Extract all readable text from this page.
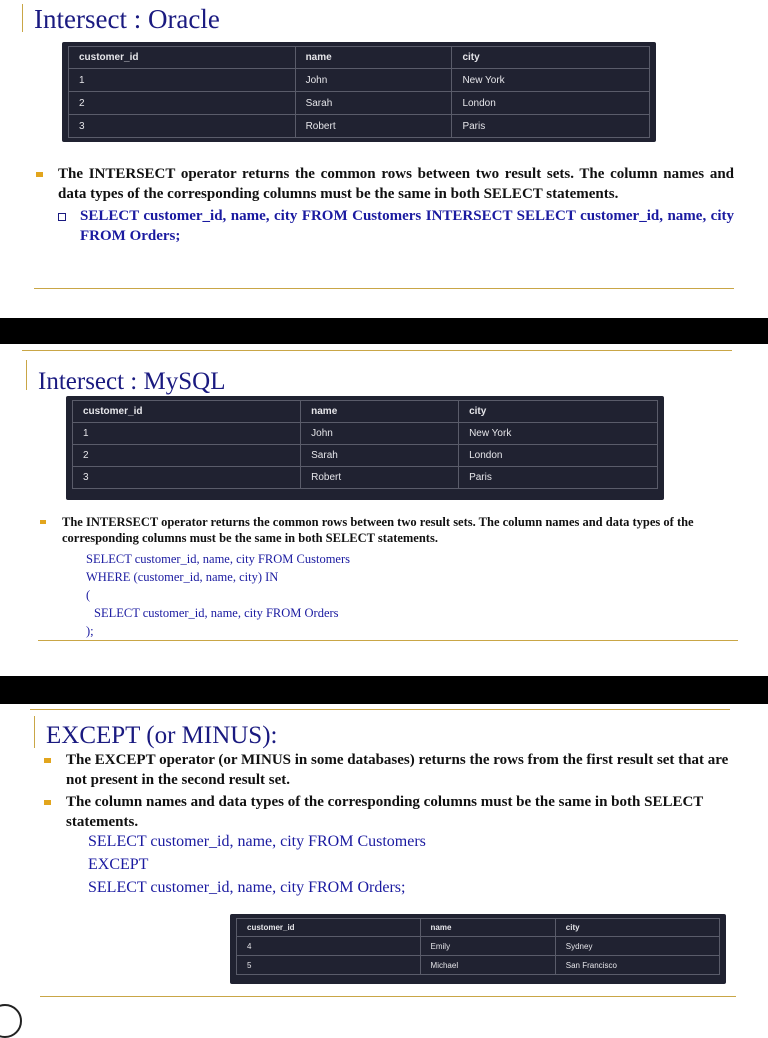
Intersect : Oracle
customer_id	name	city
1	John	New York
2	Sarah	London
3	Robert	Paris
The INTERSECT operator returns the common rows between two result sets. The column names and data types of the corresponding columns must be the same in both SELECT statements.
SELECT customer_id, name, city FROM Customers INTERSECT SELECT customer_id, name, city FROM Orders;
Intersect : MySQL
customer_id	name	city
1	John	New York
2	Sarah	London
3	Robert	Paris
The INTERSECT operator returns the common rows between two result sets. The column names and data types of the corresponding columns must be the same in both SELECT statements.
SELECT customer_id, name, city FROM Customers
WHERE (customer_id, name, city) IN
(
SELECT customer_id, name, city FROM Orders
);
EXCEPT (or MINUS):
The EXCEPT operator (or MINUS in some databases) returns the rows from the first result set that are not present in the second result set.
The column names and data types of the corresponding columns must be the same in both SELECT statements.
SELECT customer_id, name, city FROM Customers
EXCEPT
SELECT customer_id, name, city FROM Orders;
customer_id	name	city
4	Emily	Sydney
5	Michael	San Francisco
